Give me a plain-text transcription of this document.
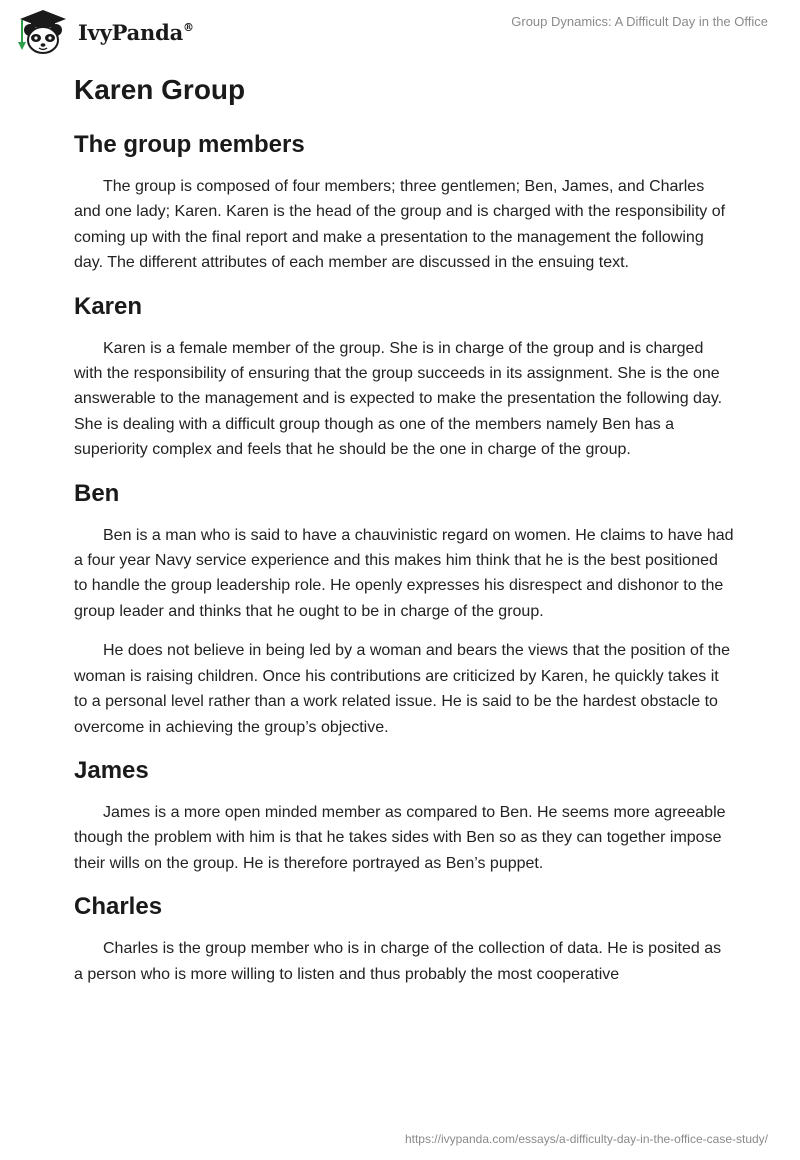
IvyPanda®	Group Dynamics: A Difficult Day in the Office
Karen Group
The group members

The group is composed of four members; three gentlemen; Ben, James, and Charles and one lady; Karen. Karen is the head of the group and is charged with the responsibility of coming up with the final report and make a presentation to the management the following day. The different attributes of each member are discussed in the ensuing text.

Karen

Karen is a female member of the group. She is in charge of the group and is charged with the responsibility of ensuring that the group succeeds in its assignment. She is the one answerable to the management and is expected to make the presentation the following day. She is dealing with a difficult group though as one of the members namely Ben has a superiority complex and feels that he should be the one in charge of the group.

Ben

Ben is a man who is said to have a chauvinistic regard on women. He claims to have had a four year Navy service experience and this makes him think that he is the best positioned to handle the group leadership role. He openly expresses his disrespect and dishonor to the group leader and thinks that he ought to be in charge of the group.

He does not believe in being led by a woman and bears the views that the position of the woman is raising children. Once his contributions are criticized by Karen, he quickly takes it to a personal level rather than a work related issue. He is said to be the hardest obstacle to overcome in achieving the group’s objective.

James

James is a more open minded member as compared to Ben. He seems more agreeable though the problem with him is that he takes sides with Ben so as they can together impose their wills on the group. He is therefore portrayed as Ben’s puppet.

Charles

Charles is the group member who is in charge of the collection of data. He is posited as a person who is more willing to listen and thus probably the most cooperative

https://ivypanda.com/essays/a-difficulty-day-in-the-office-case-study/
